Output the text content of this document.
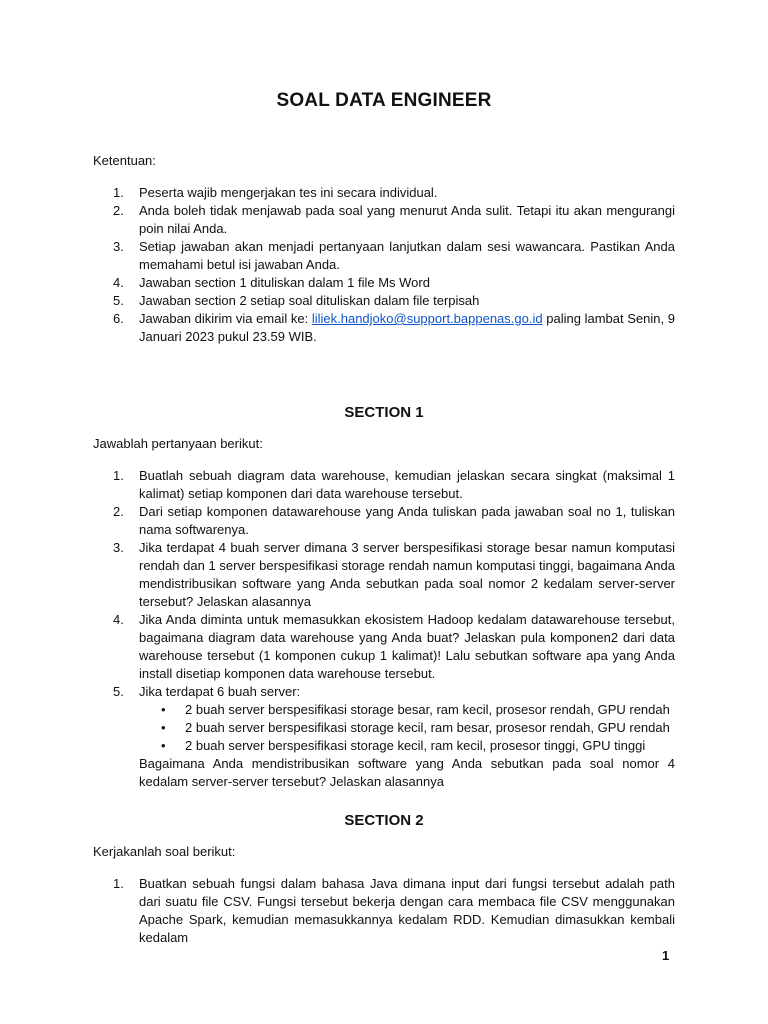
SOAL DATA ENGINEER
Ketentuan:
1. Peserta wajib mengerjakan tes ini secara individual.
2. Anda boleh tidak menjawab pada soal yang menurut Anda sulit. Tetapi itu akan mengurangi poin nilai Anda.
3. Setiap jawaban akan menjadi pertanyaan lanjutkan dalam sesi wawancara. Pastikan Anda memahami betul isi jawaban Anda.
4. Jawaban section 1 dituliskan dalam 1 file Ms Word
5. Jawaban section 2 setiap soal dituliskan dalam file terpisah
6. Jawaban dikirim via email ke: liliek.handjoko@support.bappenas.go.id paling lambat Senin, 9 Januari 2023 pukul 23.59 WIB.
SECTION 1
Jawablah pertanyaan berikut:
1. Buatlah sebuah diagram data warehouse, kemudian jelaskan secara singkat (maksimal 1 kalimat) setiap komponen dari data warehouse tersebut.
2. Dari setiap komponen datawarehouse yang Anda tuliskan pada jawaban soal no 1, tuliskan nama softwarenya.
3. Jika terdapat 4 buah server dimana 3 server berspesifikasi storage besar namun komputasi rendah dan 1 server berspesifikasi storage rendah namun komputasi tinggi, bagaimana Anda mendistribusikan software yang Anda sebutkan pada soal nomor 2 kedalam server-server tersebut? Jelaskan alasannya
4. Jika Anda diminta untuk memasukkan ekosistem Hadoop kedalam datawarehouse tersebut, bagaimana diagram data warehouse yang Anda buat? Jelaskan pula komponen2 dari data warehouse tersebut (1 komponen cukup 1 kalimat)! Lalu sebutkan software apa yang Anda install disetiap komponen data warehouse tersebut.
5. Jika terdapat 6 buah server:
• 2 buah server berspesifikasi storage besar, ram kecil, prosesor rendah, GPU rendah
• 2 buah server berspesifikasi storage kecil, ram besar, prosesor rendah, GPU rendah
• 2 buah server berspesifikasi storage kecil, ram kecil, prosesor tinggi, GPU tinggi
Bagaimana Anda mendistribusikan software yang Anda sebutkan pada soal nomor 4 kedalam server-server tersebut? Jelaskan alasannya
SECTION 2
Kerjakanlah soal berikut:
1. Buatkan sebuah fungsi dalam bahasa Java dimana input dari fungsi tersebut adalah path dari suatu file CSV. Fungsi tersebut bekerja dengan cara membaca file CSV menggunakan Apache Spark, kemudian memasukkannya kedalam RDD. Kemudian dimasukkan kembali kedalam
1
